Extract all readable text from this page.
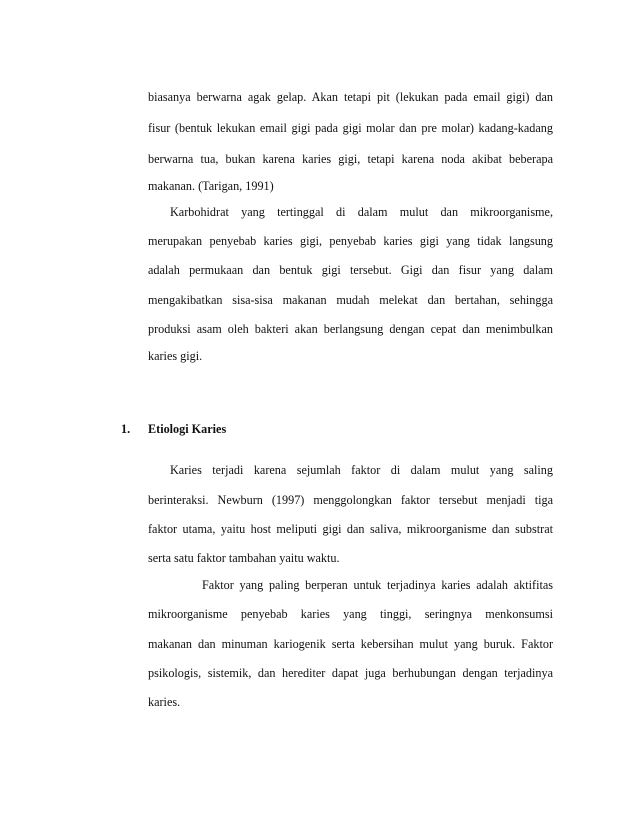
biasanya berwarna agak gelap. Akan tetapi pit (lekukan pada email gigi) dan
fisur (bentuk lekukan email gigi pada gigi molar dan pre molar) kadang-kadang
berwarna tua, bukan karena karies gigi, tetapi karena noda akibat beberapa
makanan. (Tarigan, 1991)
Karbohidrat yang tertinggal di dalam mulut dan mikroorganisme,
merupakan penyebab karies gigi, penyebab karies gigi yang tidak langsung
adalah permukaan dan bentuk gigi tersebut. Gigi dan fisur yang dalam
mengakibatkan sisa-sisa makanan mudah melekat dan bertahan, sehingga
produksi asam oleh bakteri akan berlangsung dengan cepat dan menimbulkan
karies gigi.
1. Etiologi Karies
Karies terjadi karena sejumlah faktor di dalam mulut yang saling
berinteraksi. Newburn (1997) menggolongkan faktor tersebut menjadi tiga
faktor utama, yaitu host meliputi gigi dan saliva, mikroorganisme dan substrat
serta satu faktor tambahan yaitu waktu.
Faktor yang paling berperan untuk terjadinya karies adalah aktifitas
mikroorganisme penyebab karies yang tinggi, seringnya menkonsumsi
makanan dan minuman kariogenik serta kebersihan mulut yang buruk. Faktor
psikologis, sistemik, dan herediter dapat juga berhubungan dengan terjadinya
karies.
